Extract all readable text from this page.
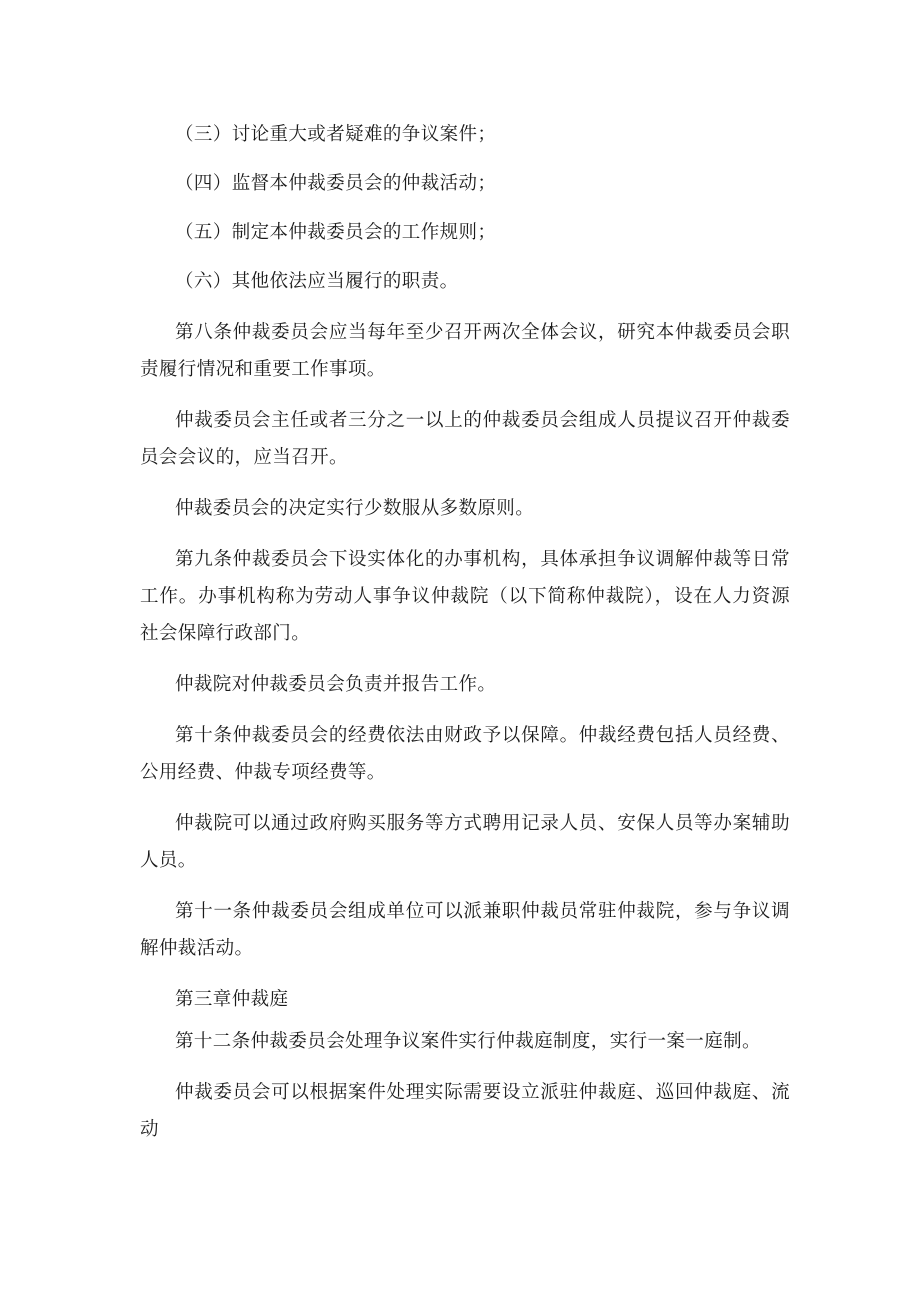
（三）讨论重大或者疑难的争议案件；

（四）监督本仲裁委员会的仲裁活动；

（五）制定本仲裁委员会的工作规则；

（六）其他依法应当履行的职责。

第八条仲裁委员会应当每年至少召开两次全体会议，研究本仲裁委员会职责履行情况和重要工作事项。

仲裁委员会主任或者三分之一以上的仲裁委员会组成人员提议召开仲裁委员会会议的，应当召开。

仲裁委员会的决定实行少数服从多数原则。

第九条仲裁委员会下设实体化的办事机构，具体承担争议调解仲裁等日常工作。办事机构称为劳动人事争议仲裁院（以下简称仲裁院），设在人力资源社会保障行政部门。

仲裁院对仲裁委员会负责并报告工作。

第十条仲裁委员会的经费依法由财政予以保障。仲裁经费包括人员经费、公用经费、仲裁专项经费等。

仲裁院可以通过政府购买服务等方式聘用记录人员、安保人员等办案辅助人员。

第十一条仲裁委员会组成单位可以派兼职仲裁员常驻仲裁院，参与争议调解仲裁活动。

第三章仲裁庭

第十二条仲裁委员会处理争议案件实行仲裁庭制度，实行一案一庭制。

仲裁委员会可以根据案件处理实际需要设立派驻仲裁庭、巡回仲裁庭、流动
